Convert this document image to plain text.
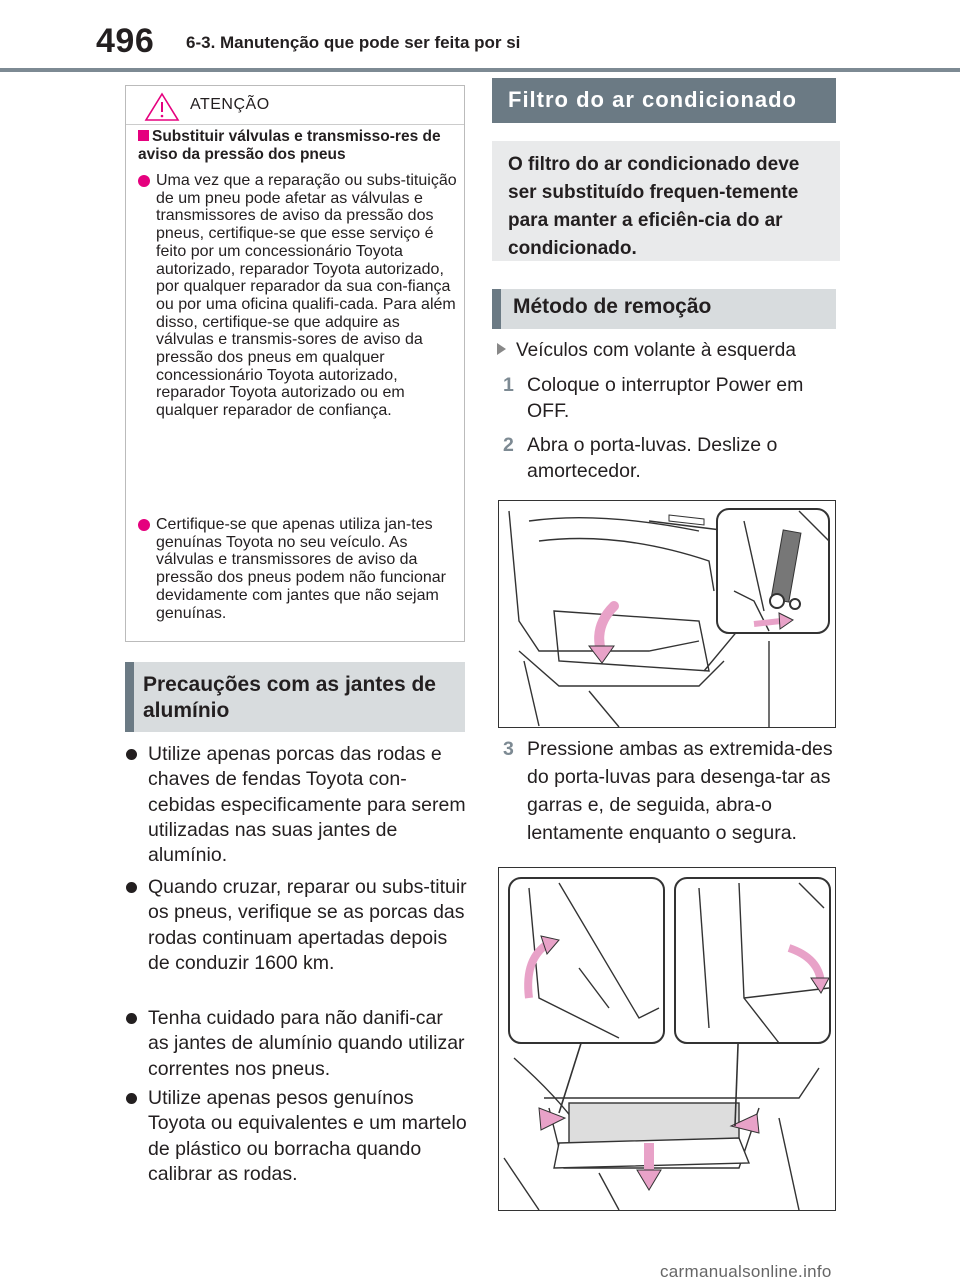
496 6-3. Manutenção que pode ser feita por si
ATENÇÃO
Substituir válvulas e transmisso-res de aviso da pressão dos pneus
Uma vez que a reparação ou subs-tituição de um pneu pode afetar as válvulas e transmissores de aviso da pressão dos pneus, certifique-se que esse serviço é feito por um concessionário Toyota autorizado, reparador Toyota autorizado, por qualquer reparador da sua con-fiança ou por uma oficina qualifi-cada. Para além disso, certifique-se que adquire as válvulas e transmis-sores de aviso da pressão dos pneus em qualquer concessionário Toyota autorizado, reparador Toyota autorizado ou em qualquer reparador de confiança.
Certifique-se que apenas utiliza jan-tes genuínas Toyota no seu veículo. As válvulas e transmissores de aviso da pressão dos pneus podem não funcionar devidamente com jantes que não sejam genuínas.
Precauções com as jantes de alumínio
Utilize apenas porcas das rodas e chaves de fendas Toyota con-cebidas especificamente para serem utilizadas nas suas jantes de alumínio.
Quando cruzar, reparar ou subs-tituir os pneus, verifique se as porcas das rodas continuam apertadas depois de conduzir 1600 km.
Tenha cuidado para não danifi-car as jantes de alumínio quando utilizar correntes nos pneus.
Utilize apenas pesos genuínos Toyota ou equivalentes e um martelo de plástico ou borracha quando calibrar as rodas.
Filtro do ar condicionado
O filtro do ar condicionado deve ser substituído frequen-temente para manter a eficiên-cia do ar condicionado.
Método de remoção
Veículos com volante à esquerda
1 Coloque o interruptor Power em OFF.
2 Abra o porta-luvas. Deslize o amortecedor.
3 Pressione ambas as extremida-des do porta-luvas para desenga-tar as garras e, de seguida, abra-o lentamente enquanto o segura.
carmanualsonline.info
